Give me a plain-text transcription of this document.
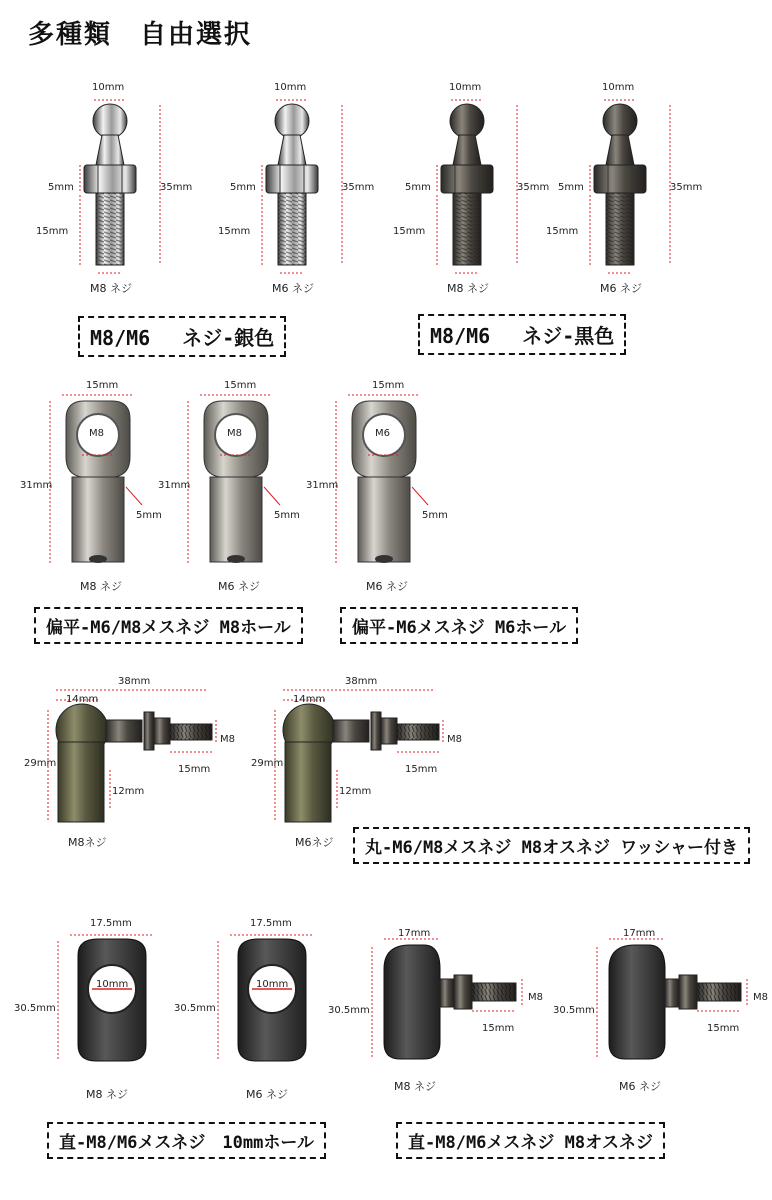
多種類　自由選択
M8/M6　 ネジ-銀色	M8/M6　 ネジ-黒色
偏平-M6/M8メスネジ M8ホール	偏平-M6メスネジ M6ホール
丸-M6/M8メスネジ M8オスネジ ワッシャー付き
直-M8/M6メスネジ　10mmホール	直-M8/M6メスネジ M8オスネジ
10mm
35mm
5mm
15mm
M8 ネジ
10mm
35mm
5mm
15mm
M6 ネジ
10mm
35mm
5mm
15mm
M8 ネジ
10mm
35mm
5mm
15mm
M6 ネジ
15mm
31mm
M8
5mm
M8 ネジ
15mm
31mm
M8
5mm
M6 ネジ
15mm
31mm
M6
5mm
M6 ネジ
38mm
14mm
29mm
12mm
15mm
M8
M8ネジ
38mm
14mm
29mm
12mm
15mm
M8
M6ネジ
10mm
17.5mm
30.5mm
M8 ネジ
10mm
17.5mm
30.5mm
M6 ネジ
17mm
30.5mm
15mm
M8
M8 ネジ
17mm
30.5mm
15mm
M8
M6 ネジ
